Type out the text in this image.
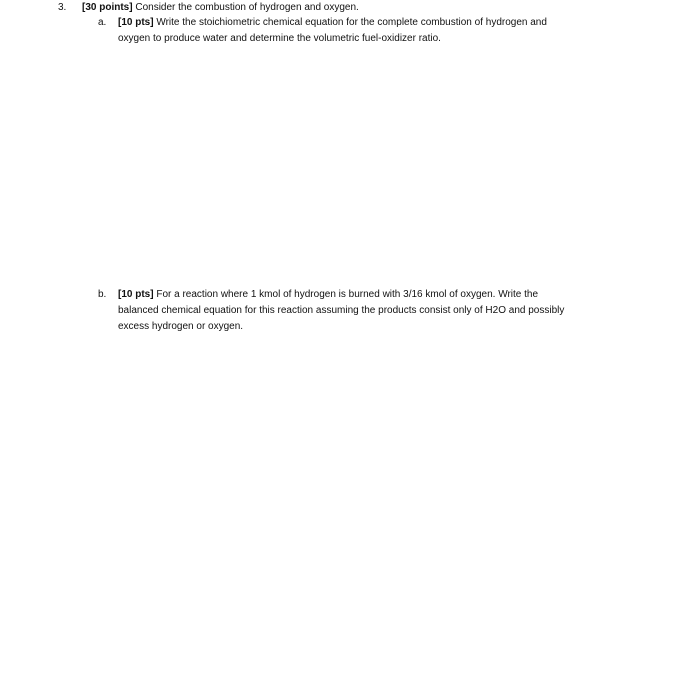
3. [30 points] Consider the combustion of hydrogen and oxygen.
a. [10 pts] Write the stoichiometric chemical equation for the complete combustion of hydrogen and
oxygen to produce water and determine the volumetric fuel-oxidizer ratio.
b. [10 pts] For a reaction where 1 kmol of hydrogen is burned with 3/16 kmol of oxygen. Write the
balanced chemical equation for this reaction assuming the products consist only of H2O and possibly
excess hydrogen or oxygen.
